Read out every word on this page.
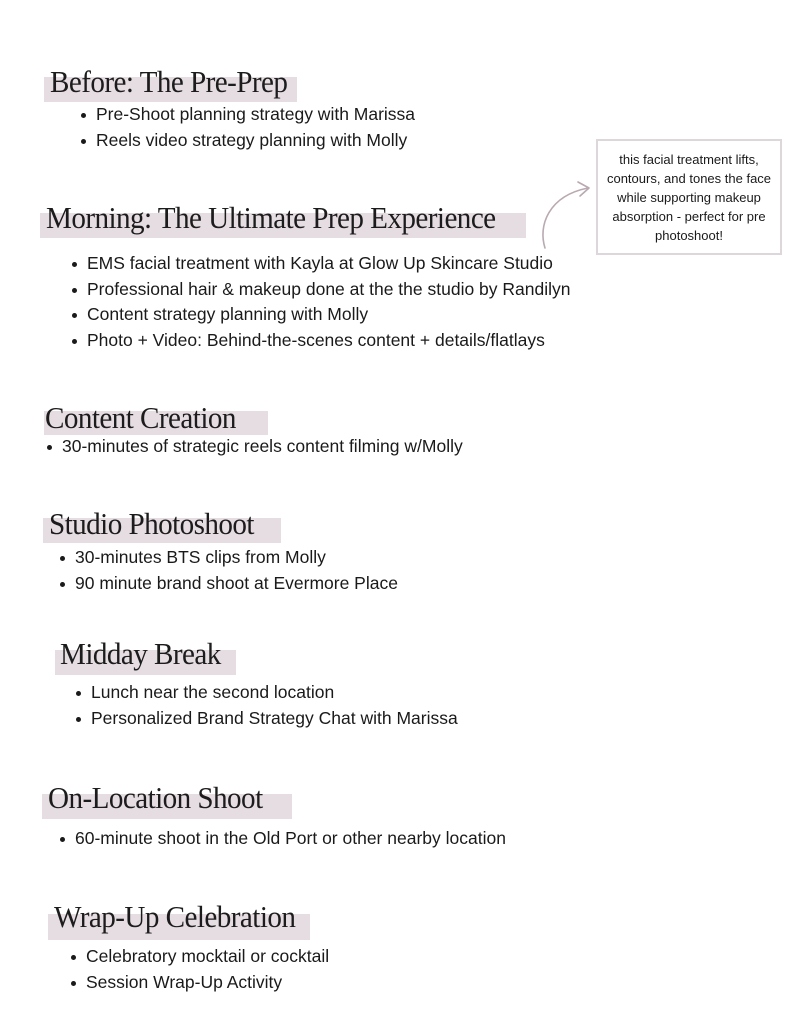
Before: The Pre-Prep
Pre-Shoot planning strategy with Marissa
Reels video strategy planning with Molly
Morning: The Ultimate Prep Experience
EMS facial treatment with Kayla at Glow Up Skincare Studio
Professional hair & makeup done at the the studio by Randilyn
Content strategy planning with Molly
Photo + Video: Behind-the-scenes content + details/flatlays
this facial treatment lifts, contours, and tones the face while supporting makeup absorption - perfect for pre photoshoot!
Content Creation
30-minutes of strategic reels content filming w/Molly
Studio Photoshoot
30-minutes BTS clips from Molly
90 minute brand shoot at Evermore Place
Midday Break
Lunch near the second location
Personalized Brand Strategy Chat with Marissa
On-Location Shoot
60-minute shoot in the Old Port or other nearby location
Wrap-Up Celebration
Celebratory mocktail or cocktail
Session Wrap-Up Activity
